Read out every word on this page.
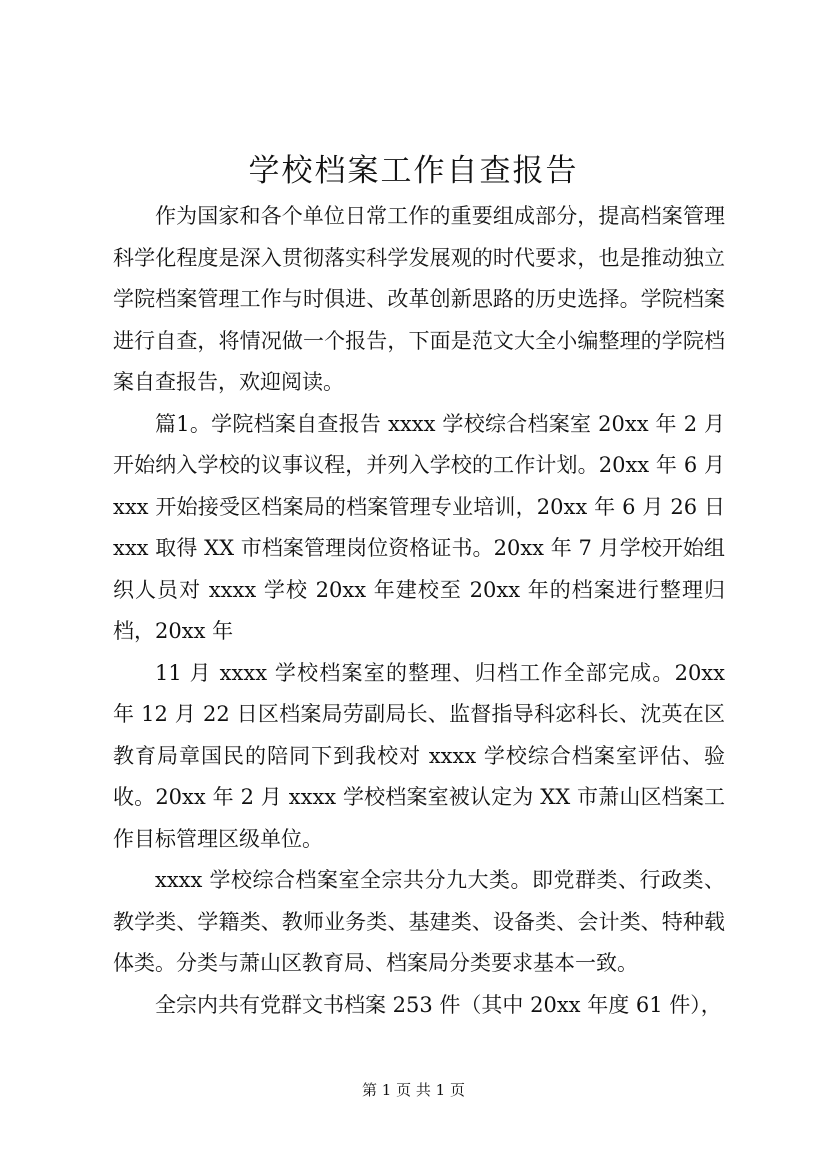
学校档案工作自查报告

作为国家和各个单位日常工作的重要组成部分，提高档案管理科学化程度是深入贯彻落实科学发展观的时代要求，也是推动独立学院档案管理工作与时俱进、改革创新思路的历史选择。学院档案进行自查，将情况做一个报告，下面是范文大全小编整理的学院档案自查报告，欢迎阅读。

篇1。学院档案自查报告 xxxx 学校综合档案室 20xx 年 2 月开始纳入学校的议事议程，并列入学校的工作计划。20xx 年 6 月 xxx 开始接受区档案局的档案管理专业培训，20xx 年 6 月 26 日 xxx 取得 XX 市档案管理岗位资格证书。20xx 年 7 月学校开始组织人员对 xxxx 学校 20xx 年建校至 20xx 年的档案进行整理归档，20xx 年

11 月 xxxx 学校档案室的整理、归档工作全部完成。20xx 年 12 月 22 日区档案局劳副局长、监督指导科宓科长、沈英在区教育局章国民的陪同下到我校对 xxxx 学校综合档案室评估、验收。20xx 年 2 月 xxxx 学校档案室被认定为 XX 市萧山区档案工作目标管理区级单位。

xxxx 学校综合档案室全宗共分九大类。即党群类、行政类、教学类、学籍类、教师业务类、基建类、设备类、会计类、特种载体类。分类与萧山区教育局、档案局分类要求基本一致。

全宗内共有党群文书档案 253 件（其中 20xx 年度 61 件），

第 1 页 共 1 页
